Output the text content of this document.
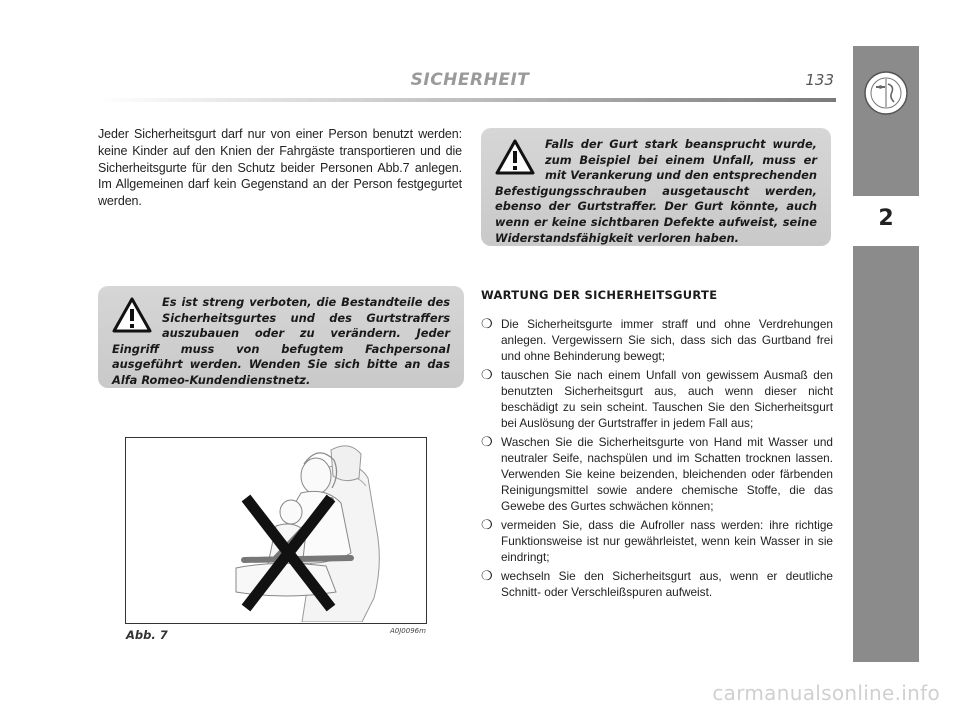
SICHERHEIT	133
2
Jeder Sicherheitsgurt darf nur von einer Person benutzt werden: keine Kinder auf den Knien der Fahrgäste transportieren und die Sicherheitsgurte für den Schutz beider Personen Abb.7 anlegen. Im Allgemeinen darf kein Gegenstand an der Person festgegurtet werden.
Falls der Gurt stark beansprucht wurde, zum Beispiel bei einem Unfall, muss er mit Verankerung und den entsprechenden Befestigungsschrauben ausgetauscht werden, ebenso der Gurtstraffer. Der Gurt könnte, auch wenn er keine sichtbaren Defekte aufweist, seine Widerstandsfähigkeit verloren haben.
Es ist streng verboten, die Bestandteile des Sicherheitsgurtes und des Gurtstraffers auszubauen oder zu verändern. Jeder Eingriff muss von befugtem Fachpersonal ausgeführt werden. Wenden Sie sich bitte an das Alfa Romeo-Kundendienstnetz.
WARTUNG DER SICHERHEITSGURTE
❍ Die Sicherheitsgurte immer straff und ohne Verdrehungen anlegen. Vergewissern Sie sich, dass sich das Gurtband frei und ohne Behinderung bewegt;
❍ tauschen Sie nach einem Unfall von gewissem Ausmaß den benutzten Sicherheitsgurt aus, auch wenn dieser nicht beschädigt zu sein scheint. Tauschen Sie den Sicherheitsgurt bei Auslösung der Gurtstraffer in jedem Fall aus;
❍ Waschen Sie die Sicherheitsgurte von Hand mit Wasser und neutraler Seife, nachspülen und im Schatten trocknen lassen. Verwenden Sie keine beizenden, bleichenden oder färbenden Reinigungsmittel sowie andere chemische Stoffe, die das Gewebe des Gurtes schwächen können;
❍ vermeiden Sie, dass die Aufroller nass werden: ihre richtige Funktionsweise ist nur gewährleistet, wenn kein Wasser in sie eindringt;
❍ wechseln Sie den Sicherheitsgurt aus, wenn er deutliche Schnitt- oder Verschleißspuren aufweist.
Abb. 7	A0J0096m
carmanualsonline.info
